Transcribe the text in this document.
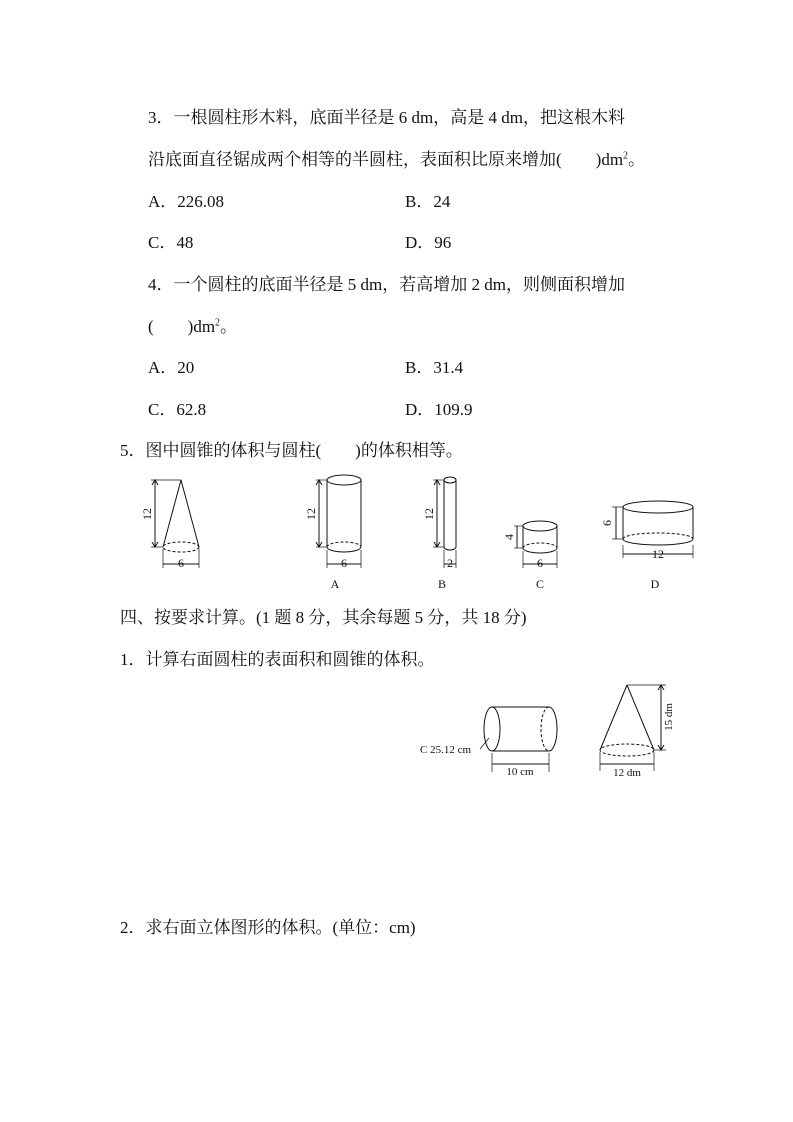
3．一根圆柱形木料，底面半径是 6 dm，高是 4 dm，把这根木料
沿底面直径锯成两个相等的半圆柱，表面积比原来增加(　　)$dm^2$。
A．226.08	B．24
C．48	D．96
4．一个圆柱的底面半径是 5 dm，若高增加 2 dm，则侧面积增加
(　　)$dm^2$。
A．20	B．31.4
C．62.8	D．109.9
5．图中圆锥的体积与圆柱(　　)的体积相等。
12
6
12
6
A
12
2
B
4
6
C
6
12
D
C 25.12 cm
10 cm
15 dm
12 dm
四、按要求计算。(1 题 8 分，其余每题 5 分，共 18 分)
1．计算右面圆柱的表面积和圆锥的体积。
2．求右面立体图形的体积。(单位：cm)
